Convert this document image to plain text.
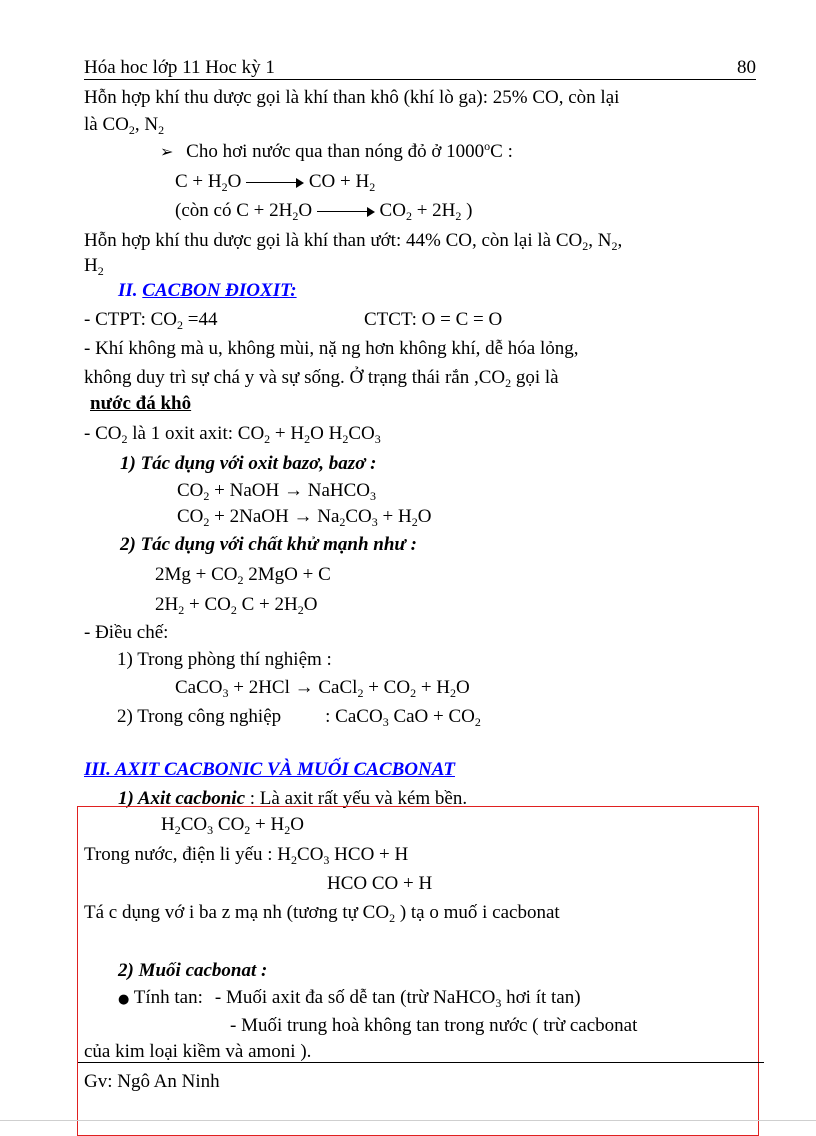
Hóa hoc lớp 11 Hoc kỳ 1	80
Hỗn hợp khí thu dược gọi là khí than khô (khí lò ga): 25% CO, còn lại
là $CO_2$, $N_2$
➢ Cho hơi nước qua than nóng đỏ ở 1000$^o$C :
$C + H_2O$	CO + $H_2$
(còn có $C + 2H_2O$	$CO_2 + 2H_2$ )
Hỗn hợp khí thu dược gọi là khí than ướt: 44% CO, còn lại là $CO_2$, $N_2$,
$H_2$
II. CACBON ĐIOXIT:
- CTPT: $CO_2 =44$	CTCT: O = C = O
- Khí không mà u, không mùi, nặ ng hơn không khí, dễ hóa lỏng,
không duy trì sự chá y và sự sống. Ở trạng thái rắn $,CO_2$ gọi là
nước đá khô
- $CO_2$ là 1 oxit axit: $CO_2 + H_2O$ $H_2CO_3$
1) Tác dụng với oxit bazơ, bazơ :
$CO_2$ + NaOH → NaHCO$_3$
$CO_2$ + 2NaOH → $Na_2CO_3 + H_2O$
2) Tác dụng với chất khử mạnh như :
$2Mg + CO_2$ 2MgO + C
$2H_2 + CO_2$ $C + 2H_2O$
- Điều chế:
1) Trong phòng thí nghiệm :
CaCO$_3$ + 2HCl → CaCl$_2$ + $CO_2 + H_2O$
2) Trong công nghiệp : CaCO$_3$ CaO + $CO_2$
III. AXIT CACBONIC VÀ MUỐI CACBONAT
1) Axit cacbonic : Là axit rất yếu và kém bền.
$H_2CO_3$ $CO_2 + H_2O$
Trong nước, điện li yếu : $H_2CO_3$ HCO + H
HCO CO + H
Tá c dụng vớ i ba z mạ nh (tương tự $CO_2$ ) tạ o muố i cacbonat
2) Muối cacbonat :
● Tính tan: - Muối axit đa số dễ tan (trừ NaHCO$_3$ hơi ít tan)
- Muối trung hoà không tan trong nước ( trừ cacbonat
của kim loại kiềm và amoni ).
Gv: Ngô An Ninh
